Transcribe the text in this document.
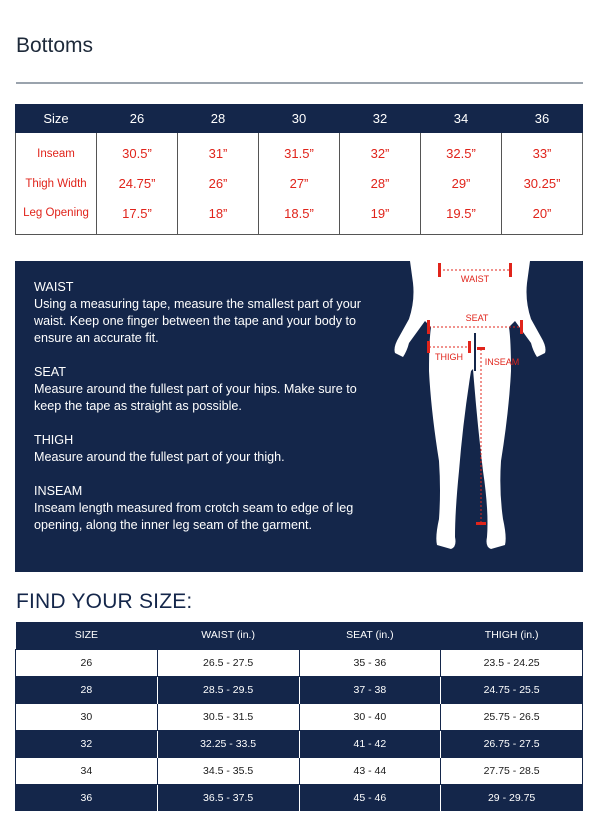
Bottoms
Size	26	28	30	32	34	36
Inseam	30.5”	31”	31.5”	32”	32.5”	33”
Thigh Width	24.75”	26”	27”	28”	29”	30.25”
Leg Opening	17.5”	18”	18.5”	19”	19.5”	20”
WAIST
Using a measuring tape, measure the smallest part of your waist. Keep one finger between the tape and your body to ensure an accurate fit.
SEAT
Measure around the fullest part of your hips. Make sure to keep the tape as straight as possible.
THIGH
Measure around the fullest part of your thigh.
INSEAM
Inseam length measured from crotch seam to edge of leg opening, along the inner leg seam of the garment.
WAIST
SEAT
THIGH INSEAM
FIND YOUR SIZE:
SIZE	WAIST (in.)	SEAT (in.)	THIGH (in.)
26	26.5 - 27.5	35 - 36	23.5 - 24.25
28	28.5 - 29.5	37 - 38	24.75 - 25.5
30	30.5 - 31.5	30 - 40	25.75 - 26.5
32	32.25 - 33.5	41 - 42	26.75 - 27.5
34	34.5 - 35.5	43 - 44	27.75 - 28.5
36	36.5 - 37.5	45 - 46	29 - 29.75
